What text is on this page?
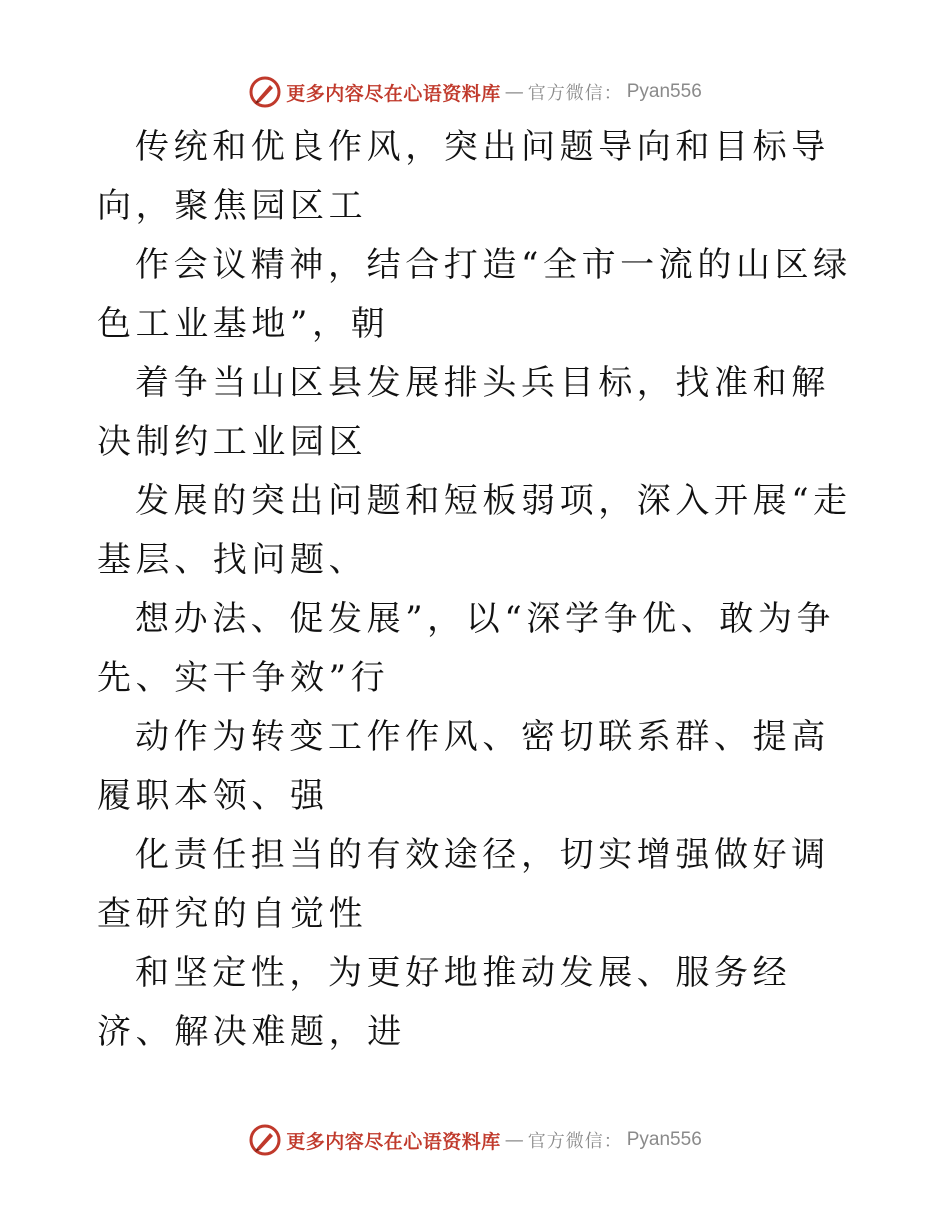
更多内容尽在心语资料库 — 官方微信： Pyan556

传统和优良作风，突出问题导向和目标导向，聚焦园区工

作会议精神，结合打造“全市一流的山区绿色工业基地”，朝

着争当山区县发展排头兵目标，找准和解决制约工业园区

发展的突出问题和短板弱项，深入开展“走基层、找问题、

想办法、促发展”，以“深学争优、敢为争先、实干争效”行

动作为转变工作作风、密切联系群、提高履职本领、强

化责任担当的有效途径，切实增强做好调查研究的自觉性

和坚定性，为更好地推动发展、服务经济、解决难题，进

更多内容尽在心语资料库 — 官方微信： Pyan556
